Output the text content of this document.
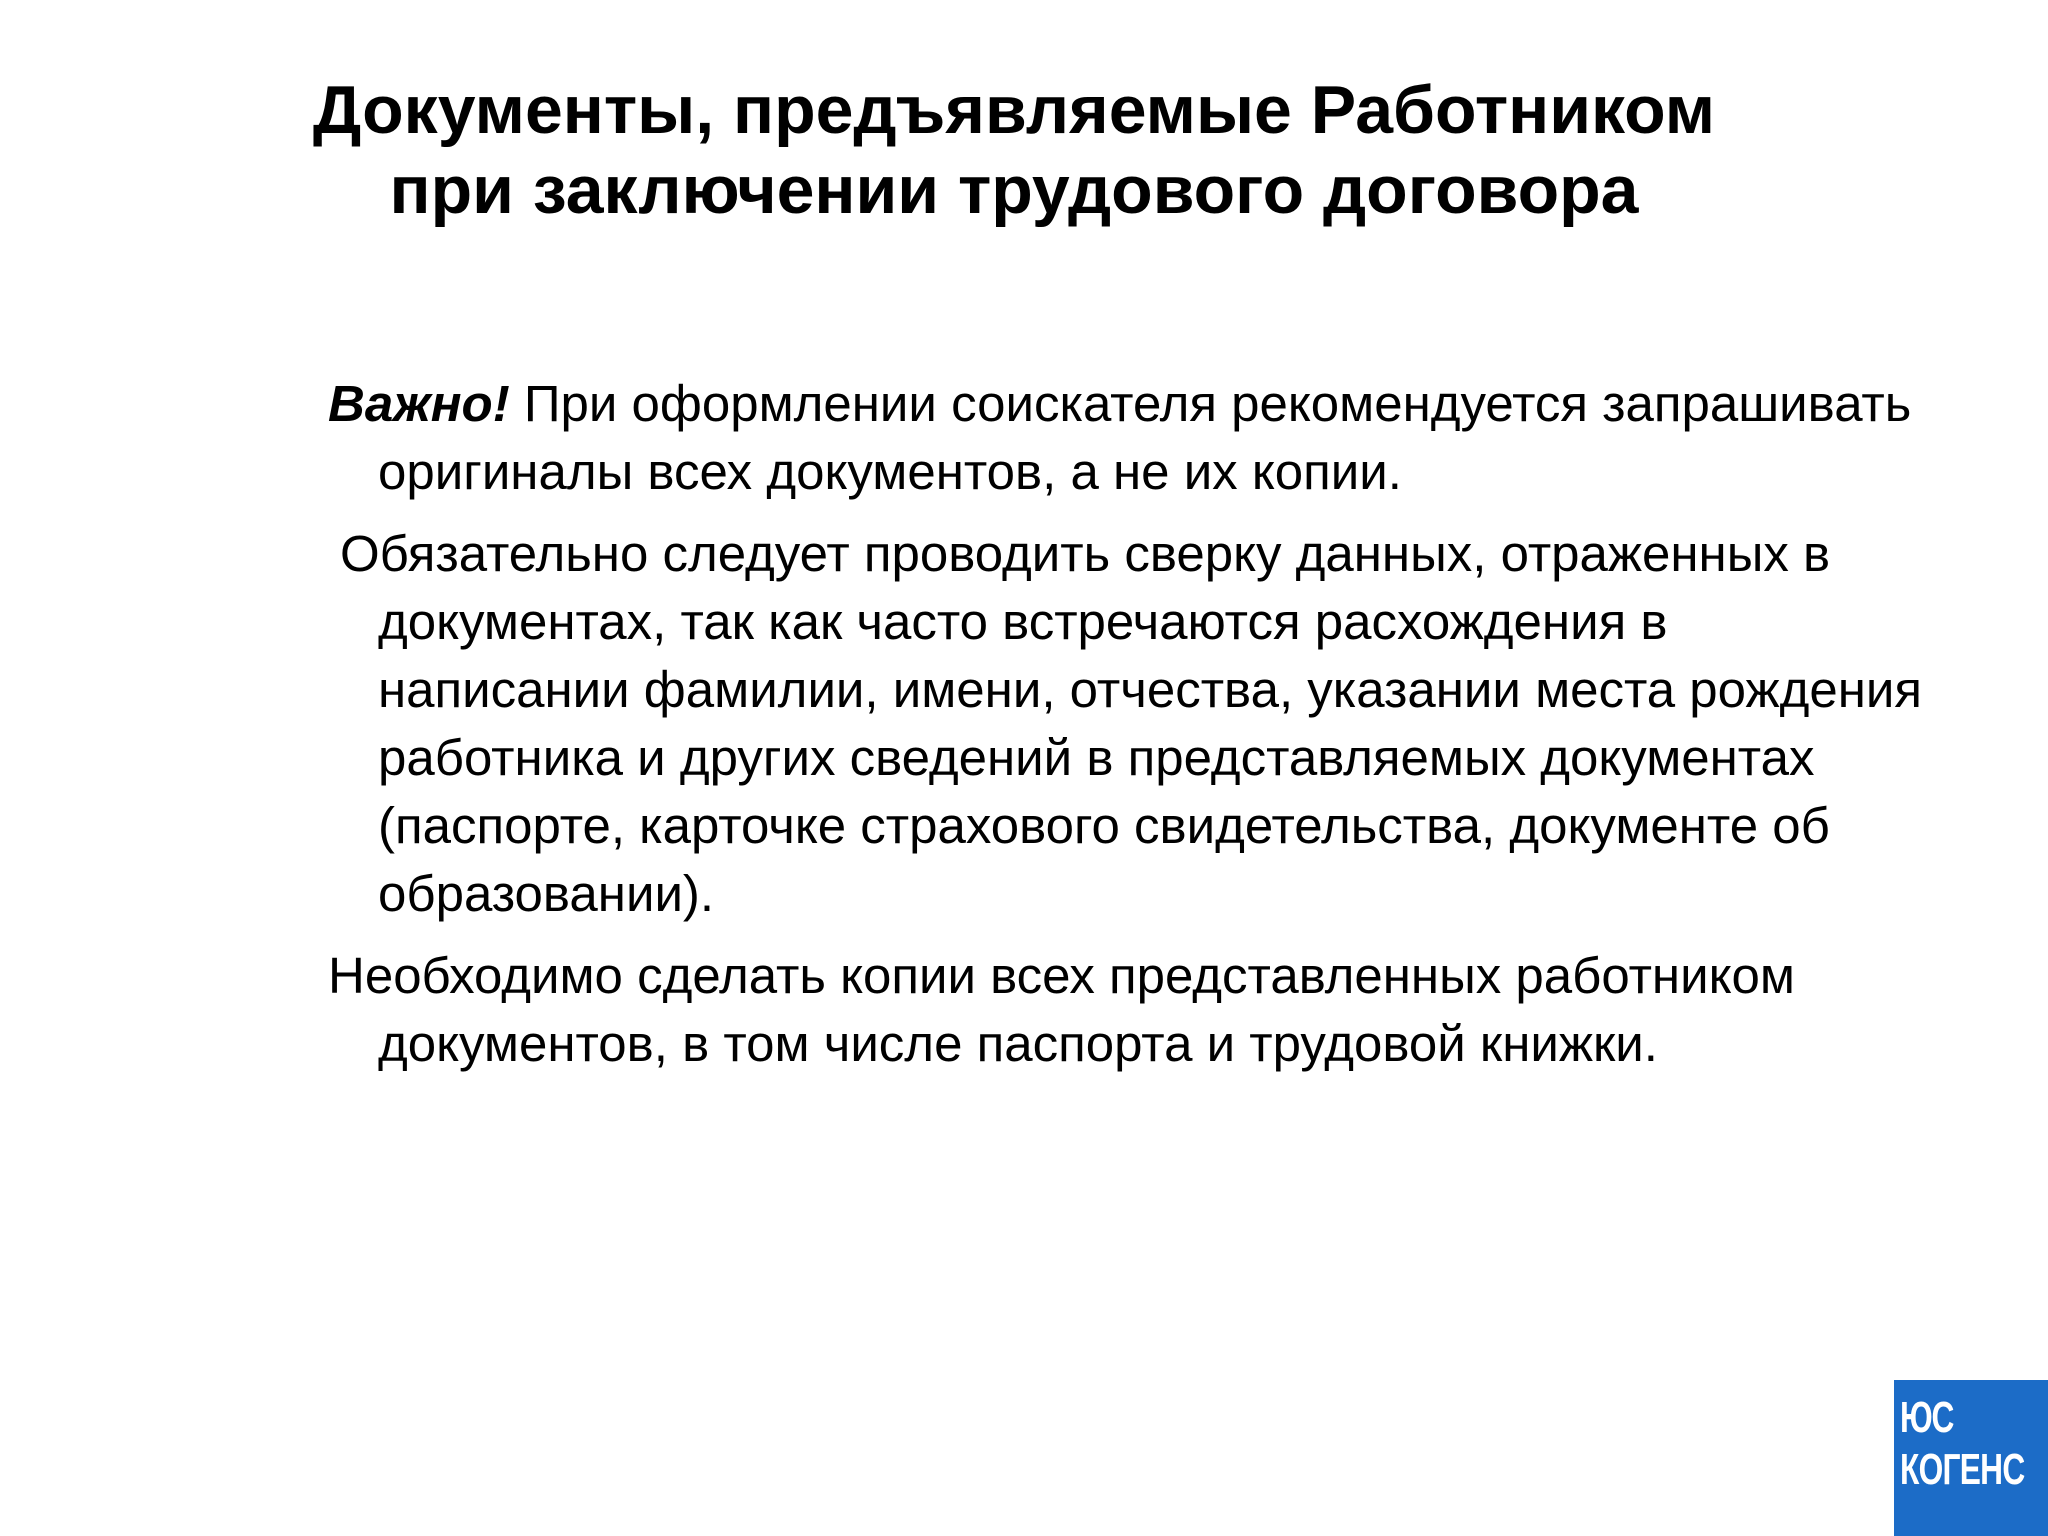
Документы, предъявляемые Работником
при заключении трудового договора

Важно! При оформлении соискателя рекомендуется запрашивать оригиналы всех документов, а не их копии.

Обязательно следует проводить сверку данных, отраженных в документах, так как часто встречаются расхождения в написании фамилии, имени, отчества, указании места рождения работника и других сведений в представляемых документах (паспорте, карточке страхового свидетельства, документе об образовании).

Необходимо сделать копии всех представленных работником документов, в том числе паспорта и трудовой книжки.

ЮС
КОГЕНС
